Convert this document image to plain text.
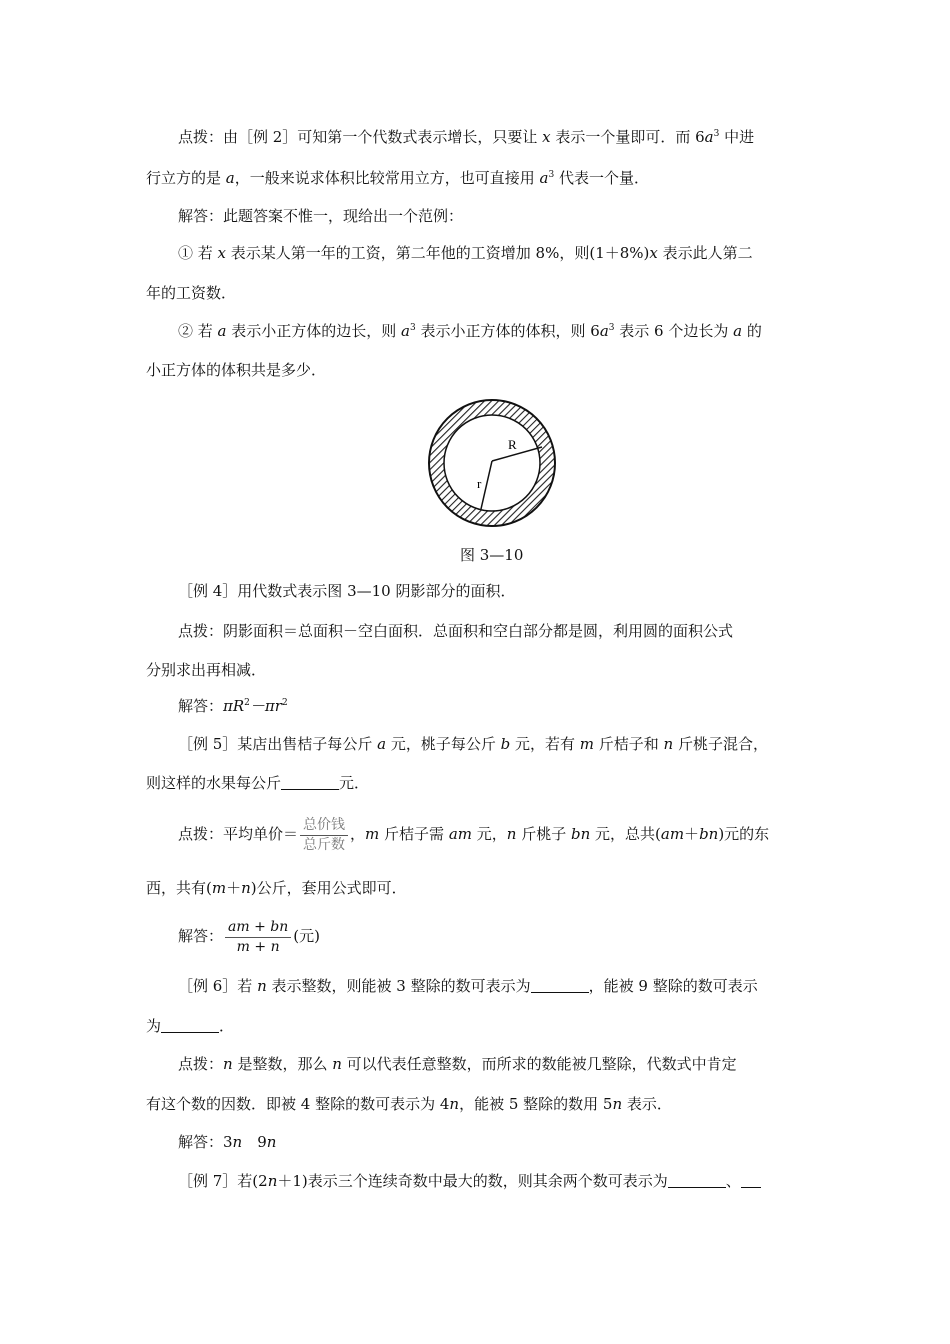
点拨：由［例 2］可知第一个代数式表示增长，只要让 x 表示一个量即可．而 $6a^3$ 中进
行立方的是 a，一般来说求体积比较常用立方，也可直接用 $a^3$ 代表一个量．
解答：此题答案不惟一，现给出一个范例：
① 若 x 表示某人第一年的工资，第二年他的工资增加 8%，则(1＋8%)x 表示此人第二
年的工资数．
② 若 a 表示小正方体的边长，则 $a^3$ 表示小正方体的体积，则 $6a^3$ 表示 6 个边长为 a 的
小正方体的体积共是多少．
R
r
图 3—10
［例 4］用代数式表示图 3—10 阴影部分的面积．
点拨：阴影面积＝总面积－空白面积．总面积和空白部分都是圆，利用圆的面积公式
分别求出再相减．
解答：$\pi R^2-\pi r^2$
［例 5］某店出售桔子每公斤 a 元，桃子每公斤 b 元，若有 m 斤桔子和 n 斤桃子混合，
则这样的水果每公斤	元．
点拨：平均单价＝ $\frac{\text{总价钱}}{\text{总斤数}}$ ，m 斤桔子需 am 元，n 斤桃子 bn 元，总共(am＋bn)元的东
西，共有(m＋n)公斤，套用公式即可．
解答： $\frac{am + bn}{m + n}$ (元)
［例 6］若 n 表示整数，则能被 3 整除的数可表示为	，能被 9 整除的数可表示
为	．
点拨：n 是整数，那么 n 可以代表任意整数，而所求的数能被几整除，代数式中肯定
有这个数的因数．即被 4 整除的数可表示为 4n，能被 5 整除的数用 5n 表示．
解答：3n　9n
［例 7］若(2n＋1)表示三个连续奇数中最大的数，则其余两个数可表示为	、
